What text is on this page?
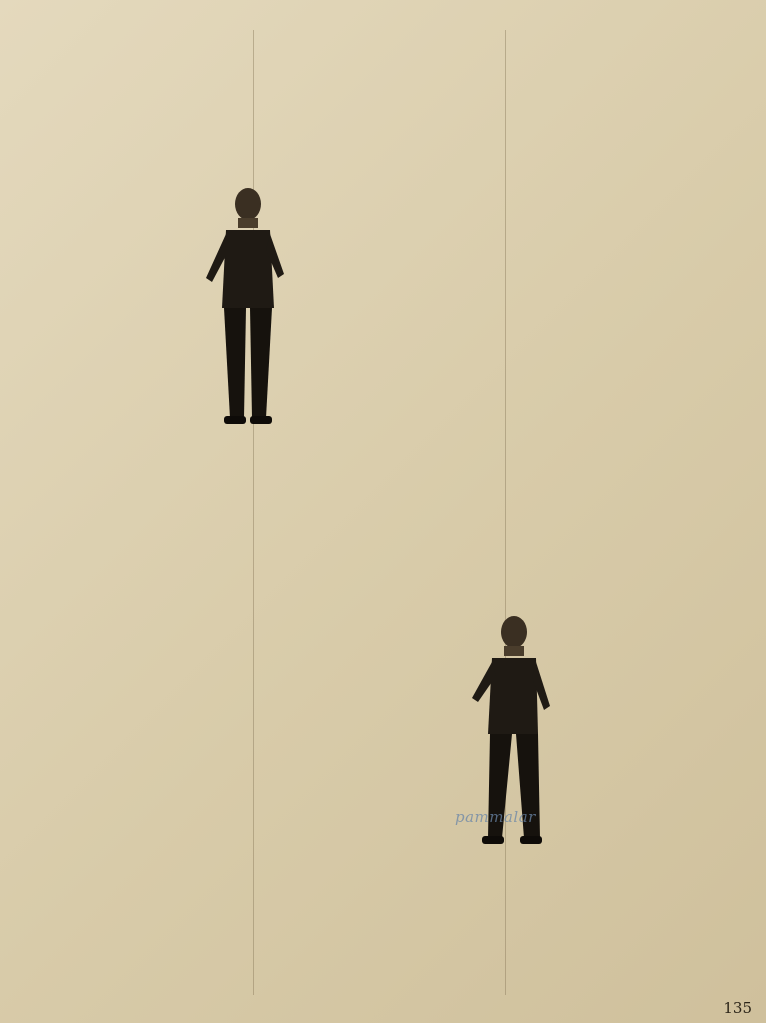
pammalar
135
